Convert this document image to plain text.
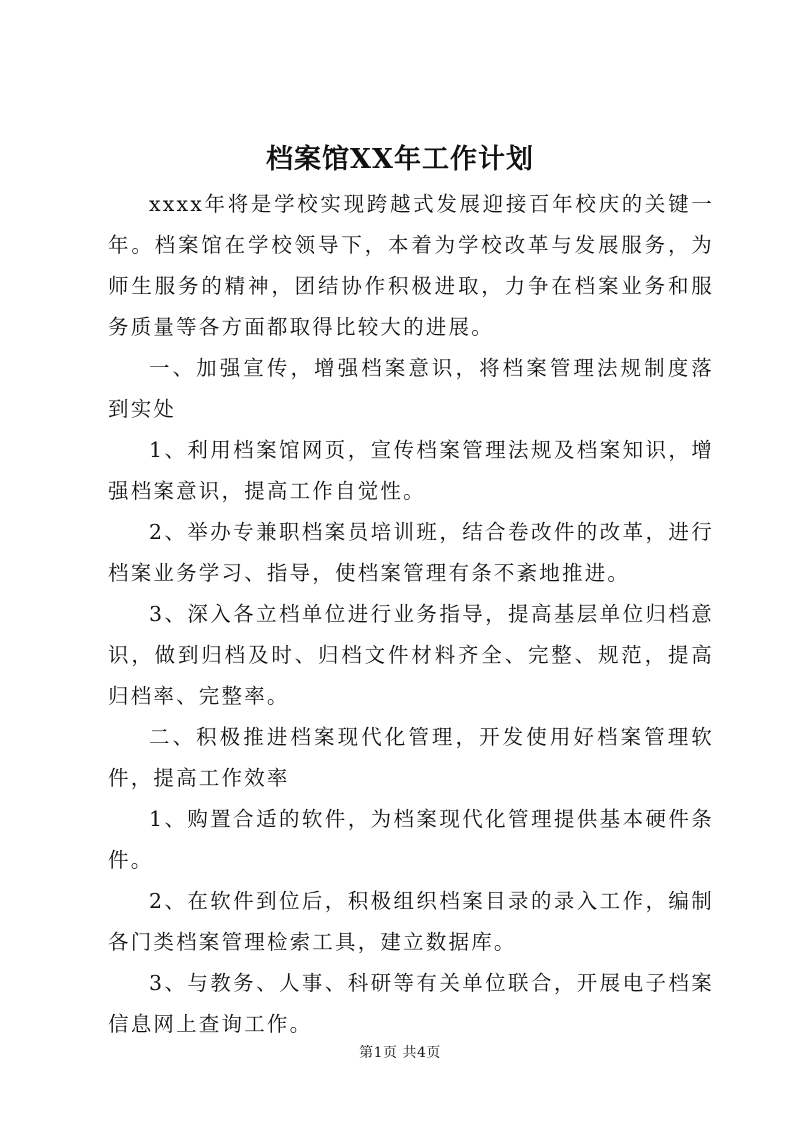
档案馆XX年工作计划

xxxx年将是学校实现跨越式发展迎接百年校庆的关键一年。档案馆在学校领导下，本着为学校改革与发展服务，为师生服务的精神，团结协作积极进取，力争在档案业务和服务质量等各方面都取得比较大的进展。

一、加强宣传，增强档案意识，将档案管理法规制度落到实处

1、利用档案馆网页，宣传档案管理法规及档案知识，增强档案意识，提高工作自觉性。

2、举办专兼职档案员培训班，结合卷改件的改革，进行档案业务学习、指导，使档案管理有条不紊地推进。

3、深入各立档单位进行业务指导，提高基层单位归档意识，做到归档及时、归档文件材料齐全、完整、规范，提高归档率、完整率。

二、积极推进档案现代化管理，开发使用好档案管理软件，提高工作效率

1、购置合适的软件，为档案现代化管理提供基本硬件条件。

2、在软件到位后，积极组织档案目录的录入工作，编制各门类档案管理检索工具，建立数据库。

3、与教务、人事、科研等有关单位联合，开展电子档案信息网上查询工作。

第1页 共4页
